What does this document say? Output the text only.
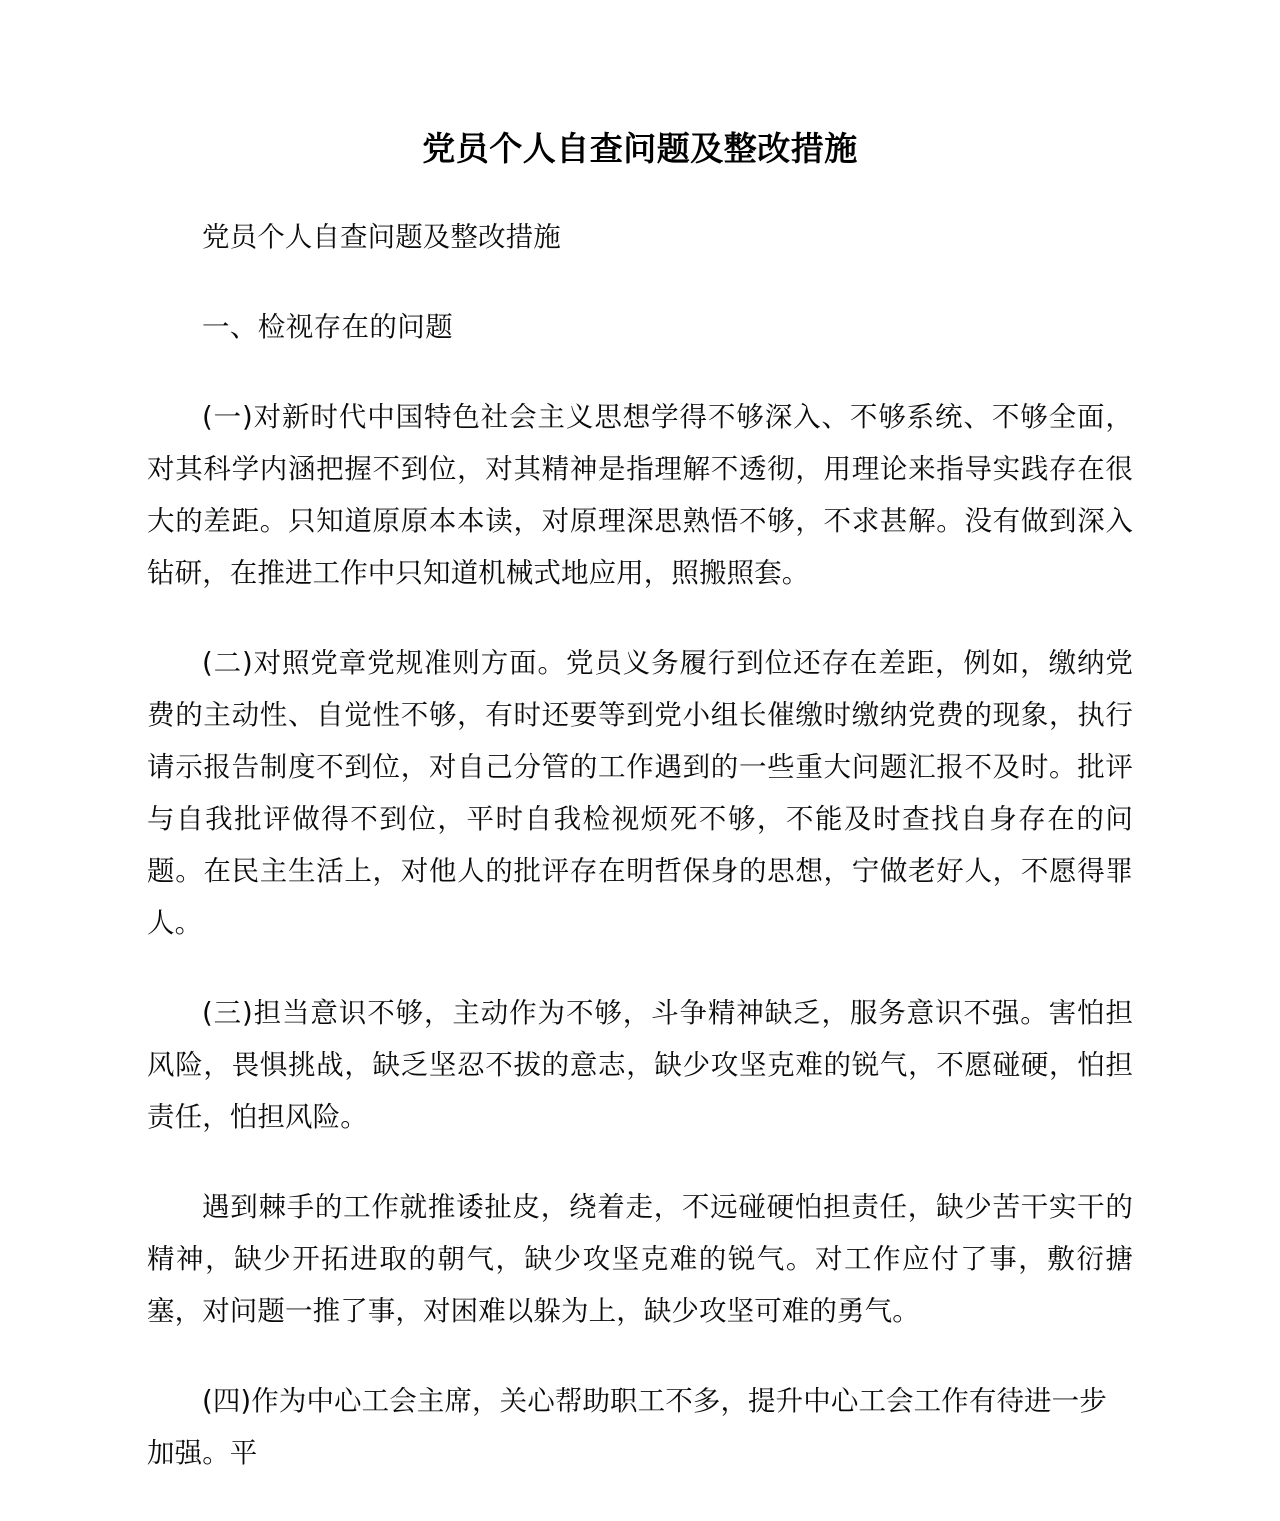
党员个人自查问题及整改措施

党员个人自查问题及整改措施

一、检视存在的问题

(一)对新时代中国特色社会主义思想学得不够深入、不够系统、不够全面，对其科学内涵把握不到位，对其精神是指理解不透彻，用理论来指导实践存在很大的差距。只知道原原本本读，对原理深思熟悟不够，不求甚解。没有做到深入钻研，在推进工作中只知道机械式地应用，照搬照套。

(二)对照党章党规准则方面。党员义务履行到位还存在差距，例如，缴纳党费的主动性、自觉性不够，有时还要等到党小组长催缴时缴纳党费的现象，执行请示报告制度不到位，对自己分管的工作遇到的一些重大问题汇报不及时。批评与自我批评做得不到位，平时自我检视烦死不够，不能及时查找自身存在的问题。在民主生活上，对他人的批评存在明哲保身的思想，宁做老好人，不愿得罪人。

(三)担当意识不够，主动作为不够，斗争精神缺乏，服务意识不强。害怕担风险，畏惧挑战，缺乏坚忍不拔的意志，缺少攻坚克难的锐气，不愿碰硬，怕担责任，怕担风险。

遇到棘手的工作就推诿扯皮，绕着走，不远碰硬怕担责任，缺少苦干实干的精神，缺少开拓进取的朝气，缺少攻坚克难的锐气。对工作应付了事，敷衍搪塞，对问题一推了事，对困难以躲为上，缺少攻坚可难的勇气。

(四)作为中心工会主席，关心帮助职工不多，提升中心工会工作有待进一步加强。平
